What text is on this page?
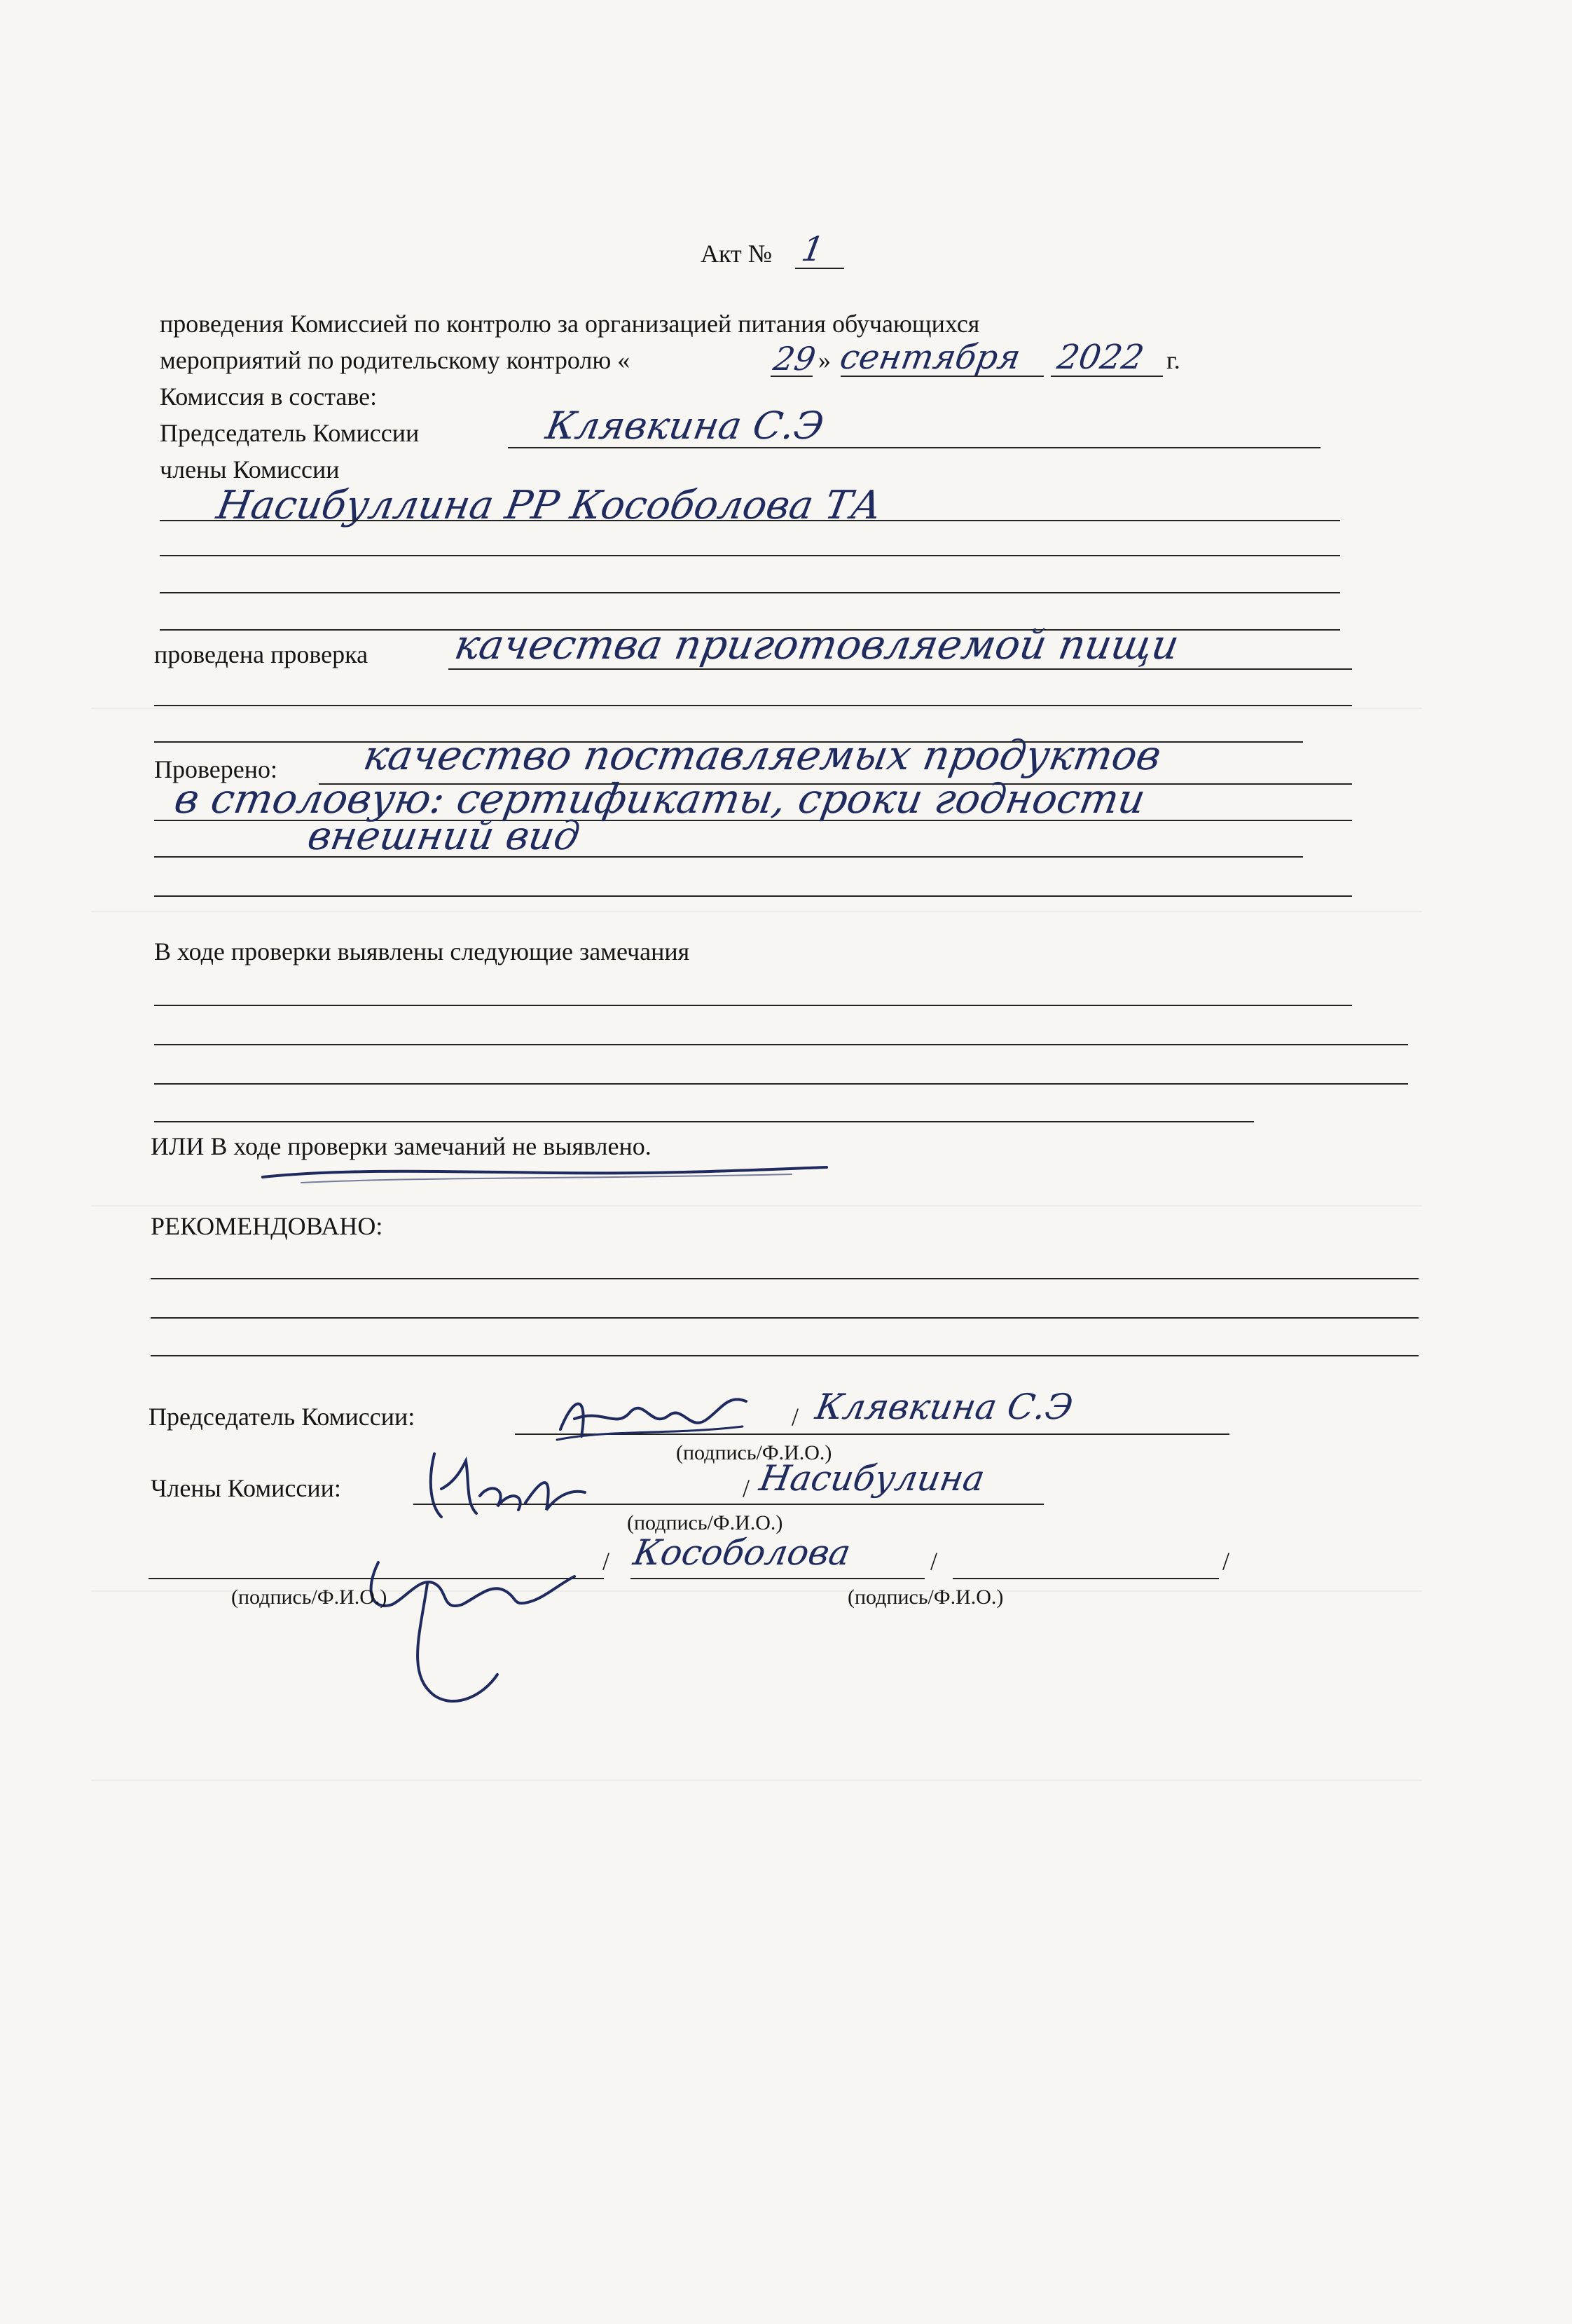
Акт № 1
проведения Комиссией по контролю за организацией питания обучающихся
мероприятий по родительскому контролю «	29 » сентября 2022 г.
Комиссия в составе:
Председатель Комиссии	Клявкина С.Э
члены Комиссии
Насибуллина РР Кособолова ТА
проведена проверка качества приготовляемой пищи
Проверено: качество поставляемых продуктов
в столовую: сертификаты, сроки годности
внешний вид
В ходе проверки выявлены следующие замечания
ИЛИ В ходе проверки замечаний не выявлено.
РЕКОМЕНДОВАНО:
Председатель Комиссии:	/ Клявкина С.Э
(подпись/Ф.И.О.)
Члены Комиссии:	/ Насибулина
(подпись/Ф.И.О.)
/ Кособолова	/	/
(подпись/Ф.И.О.)	(подпись/Ф.И.О.)
